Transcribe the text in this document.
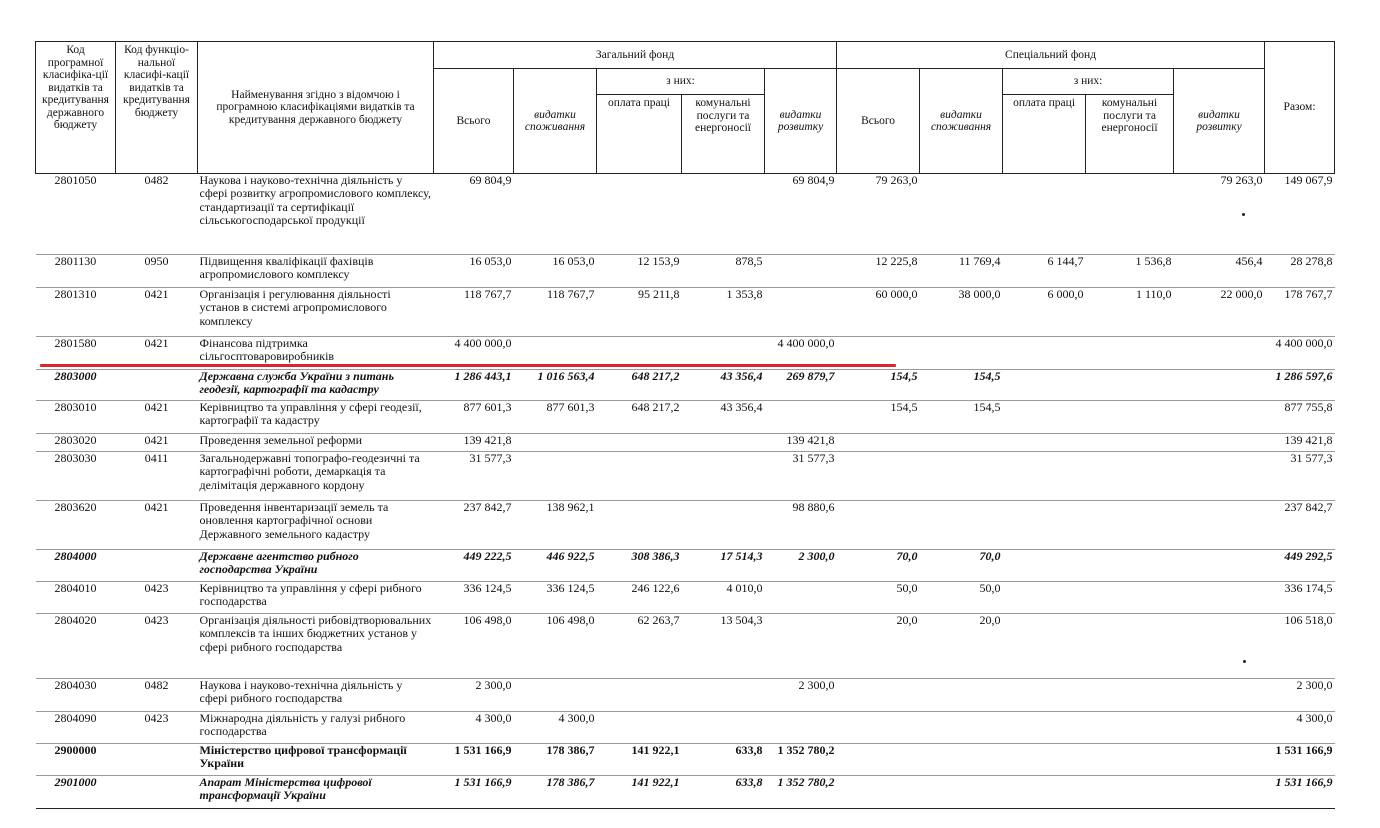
Код програмної класифіка-ції видатків та кредитування державного бюджету	Код функціо-нальної класифі-кації видатків та кредитування бюджету	Найменування згідно з відомчою і програмною класифікаціями видатків та кредитування державного бюджету	Загальний фонд					Спеціальний фонд					Разом:
			Всього	видатки споживання	з них:		видатки розвитку	Всього	видатки споживання	з них:		видатки розвитку	
					оплата праці	комунальні послуги та енергоносії				оплата праці	комунальні послуги та енергоносії		
2801050	0482	Наукова і науково-технічна діяльність у сфері розвитку агропромислового комплексу, стандартизації та сертифікації сільськогосподарської продукції	69 804,9				69 804,9	79 263,0				79 263,0	149 067,9
2801130	0950	Підвищення кваліфікації фахівців агропромислового комплексу	16 053,0	16 053,0	12 153,9	878,5		12 225,8	11 769,4	6 144,7	1 536,8	456,4	28 278,8
2801310	0421	Організація і регулювання діяльності установ в системі агропромислового комплексу	118 767,7	118 767,7	95 211,8	1 353,8		60 000,0	38 000,0	6 000,0	1 110,0	22 000,0	178 767,7
2801580	0421	Фінансова підтримка сільгосптоваровиробників	4 400 000,0				4 400 000,0						4 400 000,0
2803000		Державна служба України з питань геодезії, картографії та кадастру	1 286 443,1	1 016 563,4	648 217,2	43 356,4	269 879,7	154,5	154,5				1 286 597,6
2803010	0421	Керівництво та управління у сфері геодезії, картографії та кадастру	877 601,3	877 601,3	648 217,2	43 356,4		154,5	154,5				877 755,8
2803020	0421	Проведення земельної реформи	139 421,8				139 421,8						139 421,8
2803030	0411	Загальнодержавні топографо-геодезичні та картографічні роботи, демаркація та делімітація державного кордону	31 577,3				31 577,3						31 577,3
2803620	0421	Проведення інвентаризації земель та оновлення картографічної основи Державного земельного кадастру	237 842,7	138 962,1			98 880,6						237 842,7
2804000		Державне агентство рибного господарства України	449 222,5	446 922,5	308 386,3	17 514,3	2 300,0	70,0	70,0				449 292,5
2804010	0423	Керівництво та управління у сфері рибного господарства	336 124,5	336 124,5	246 122,6	4 010,0		50,0	50,0				336 174,5
2804020	0423	Організація діяльності рибовідтворювальних комплексів та інших бюджетних установ у сфері рибного господарства	106 498,0	106 498,0	62 263,7	13 504,3		20,0	20,0				106 518,0
2804030	0482	Наукова і науково-технічна діяльність у сфері рибного господарства	2 300,0				2 300,0						2 300,0
2804090	0423	Міжнародна діяльність у галузі рибного господарства	4 300,0	4 300,0									4 300,0
2900000		Міністерство цифрової трансформації України	1 531 166,9	178 386,7	141 922,1	633,8	1 352 780,2						1 531 166,9
2901000		Апарат Міністерства цифрової трансформації України	1 531 166,9	178 386,7	141 922,1	633,8	1 352 780,2						1 531 166,9
